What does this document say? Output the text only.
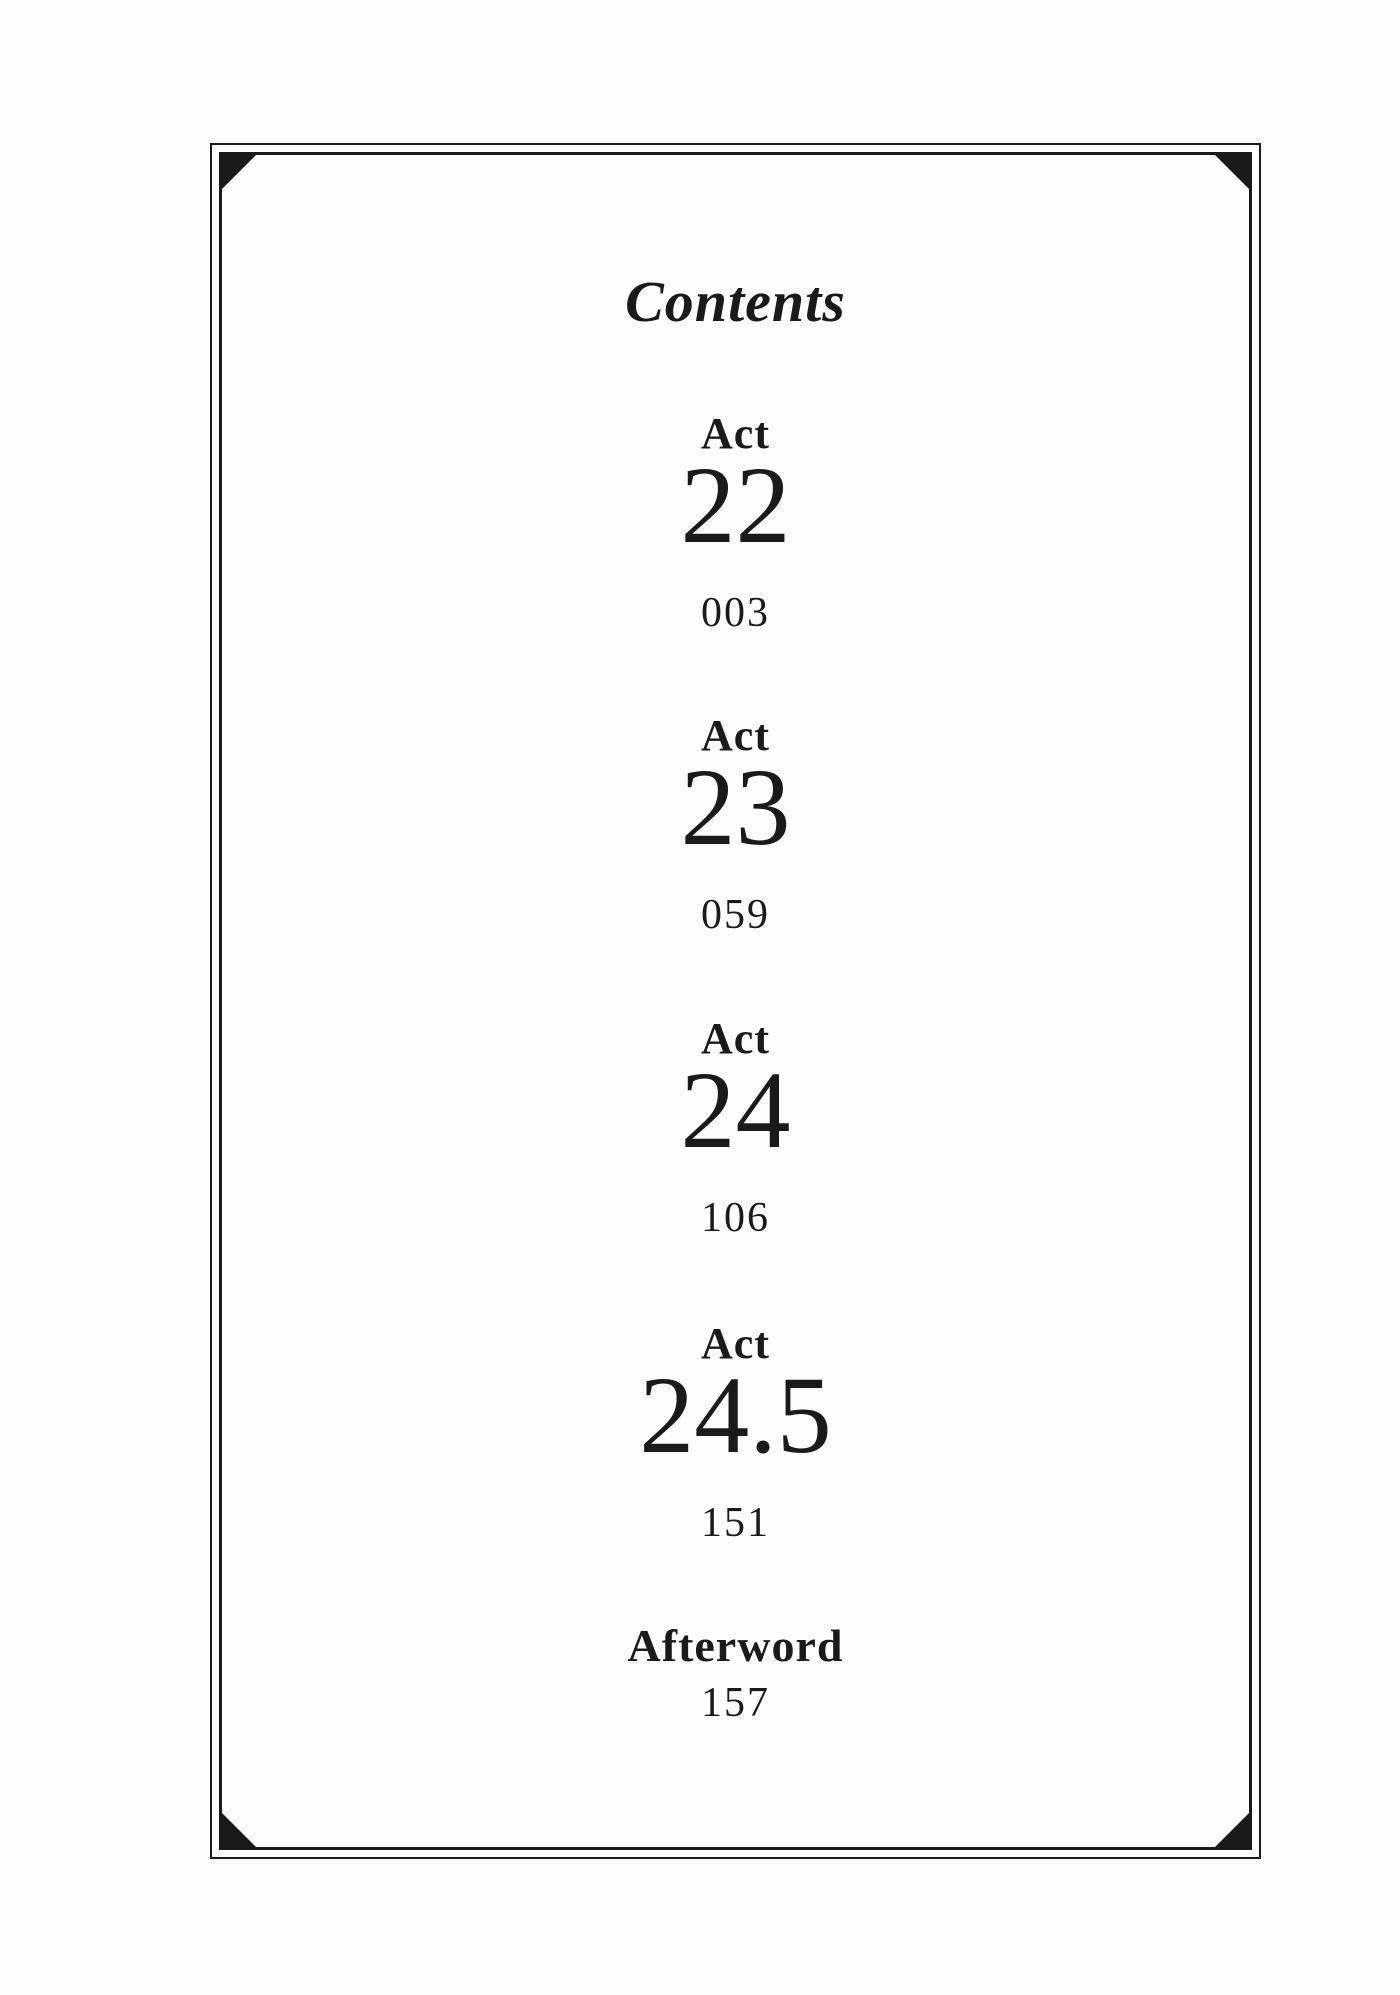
Contents
Act
22
003
Act
23
059
Act
24
106
Act
24.5
151
Afterword
157
